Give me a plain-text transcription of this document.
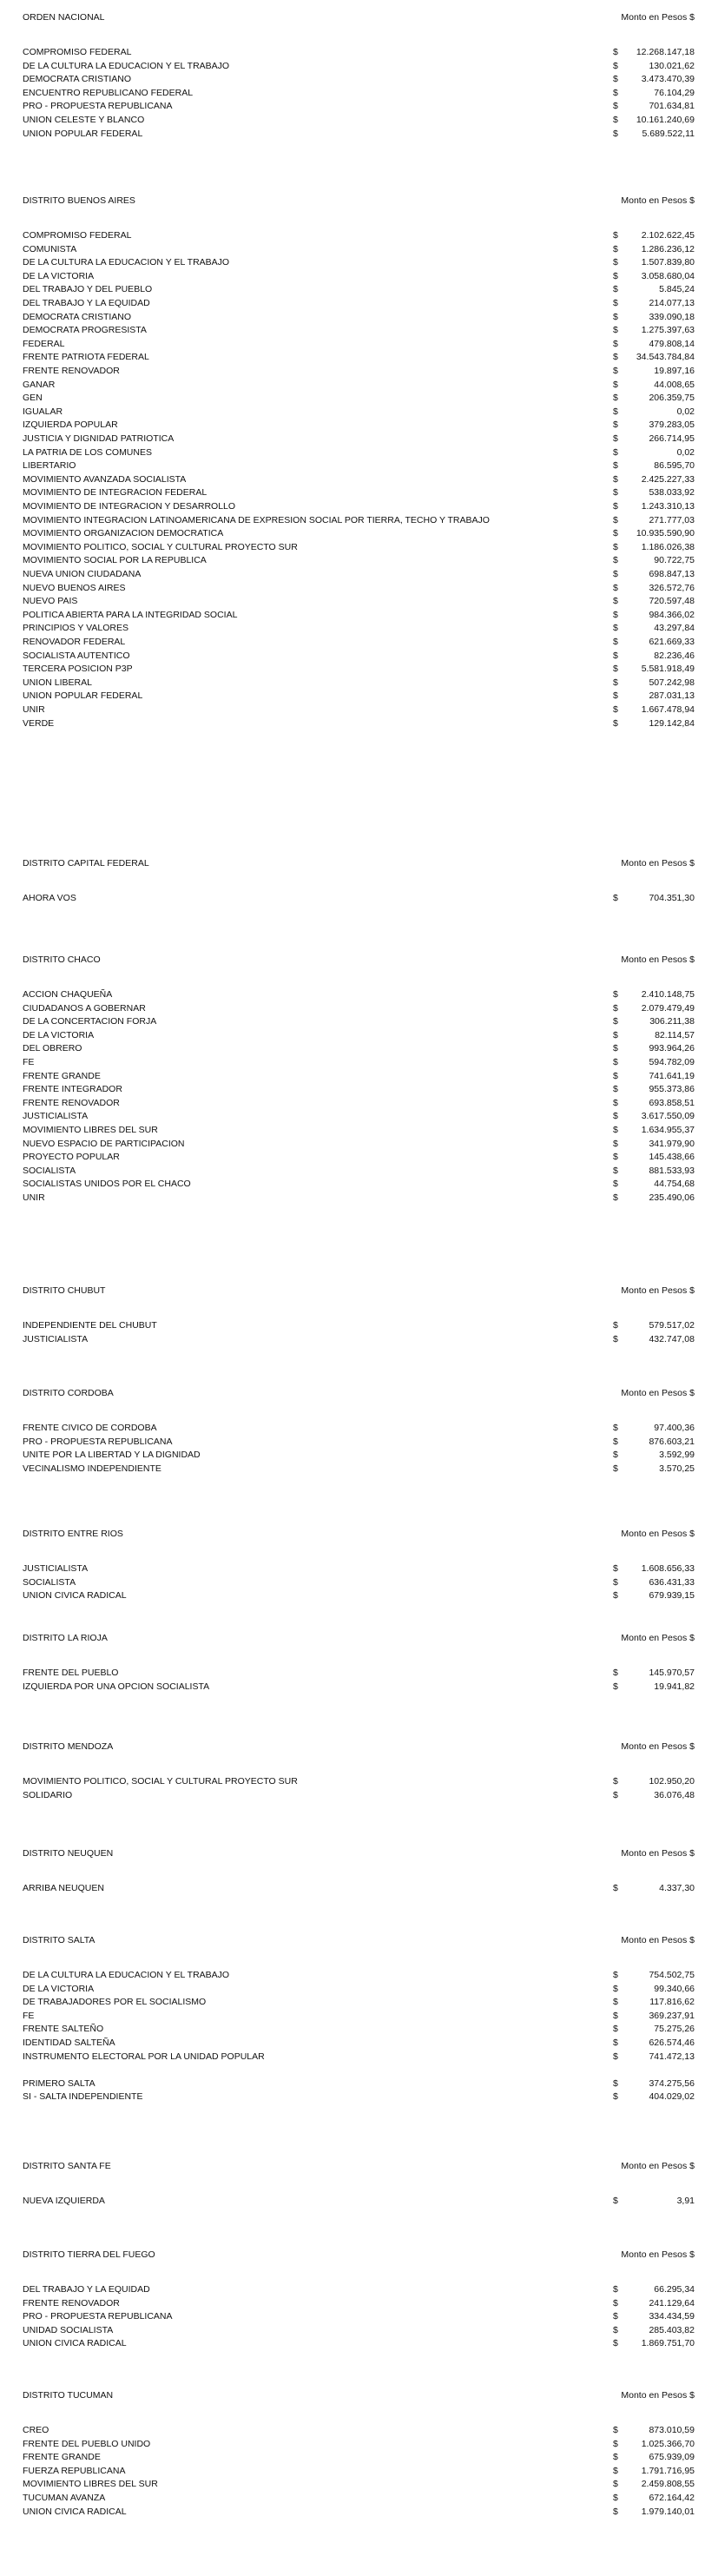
ORDEN NACIONAL	Monto en Pesos $
COMPROMISO FEDERAL	$	12.268.147,18
DE LA CULTURA LA EDUCACION Y EL TRABAJO	$	130.021,62
DEMOCRATA CRISTIANO	$	3.473.470,39
ENCUENTRO REPUBLICANO FEDERAL	$	76.104,29
PRO - PROPUESTA REPUBLICANA	$	701.634,81
UNION CELESTE Y BLANCO	$	10.161.240,69
UNION POPULAR FEDERAL	$	5.689.522,11
DISTRITO BUENOS AIRES	Monto en Pesos $
COMPROMISO FEDERAL	$	2.102.622,45
COMUNISTA	$	1.286.236,12
DE LA CULTURA LA EDUCACION Y EL TRABAJO	$	1.507.839,80
DE LA VICTORIA	$	3.058.680,04
DEL TRABAJO Y DEL PUEBLO	$	5.845,24
DEL TRABAJO Y LA EQUIDAD	$	214.077,13
DEMOCRATA CRISTIANO	$	339.090,18
DEMOCRATA PROGRESISTA	$	1.275.397,63
FEDERAL	$	479.808,14
FRENTE PATRIOTA FEDERAL	$	34.543.784,84
FRENTE RENOVADOR	$	19.897,16
GANAR	$	44.008,65
GEN	$	206.359,75
IGUALAR	$	0,02
IZQUIERDA POPULAR	$	379.283,05
JUSTICIA Y DIGNIDAD PATRIOTICA	$	266.714,95
LA PATRIA DE LOS COMUNES	$	0,02
LIBERTARIO	$	86.595,70
MOVIMIENTO AVANZADA SOCIALISTA	$	2.425.227,33
MOVIMIENTO DE INTEGRACION FEDERAL	$	538.033,92
MOVIMIENTO DE INTEGRACION Y DESARROLLO	$	1.243.310,13
MOVIMIENTO INTEGRACION LATINOAMERICANA DE EXPRESION SOCIAL POR TIERRA, TECHO Y TRABAJO	$	271.777,03
MOVIMIENTO ORGANIZACION DEMOCRATICA	$	10.935.590,90
MOVIMIENTO POLITICO, SOCIAL Y CULTURAL PROYECTO SUR	$	1.186.026,38
MOVIMIENTO SOCIAL POR LA REPUBLICA	$	90.722,75
NUEVA UNION CIUDADANA	$	698.847,13
NUEVO BUENOS AIRES	$	326.572,76
NUEVO PAIS	$	720.597,48
POLITICA ABIERTA PARA LA INTEGRIDAD SOCIAL	$	984.366,02
PRINCIPIOS Y VALORES	$	43.297,84
RENOVADOR FEDERAL	$	621.669,33
SOCIALISTA AUTENTICO	$	82.236,46
TERCERA POSICION P3P	$	5.581.918,49
UNION LIBERAL	$	507.242,98
UNION POPULAR FEDERAL	$	287.031,13
UNIR	$	1.667.478,94
VERDE	$	129.142,84
DISTRITO CAPITAL FEDERAL	Monto en Pesos $
AHORA VOS	$	704.351,30
DISTRITO CHACO	Monto en Pesos $
ACCION CHAQUEÑA	$	2.410.148,75
CIUDADANOS A GOBERNAR	$	2.079.479,49
DE LA CONCERTACION FORJA	$	306.211,38
DE LA VICTORIA	$	82.114,57
DEL OBRERO	$	993.964,26
FE	$	594.782,09
FRENTE GRANDE	$	741.641,19
FRENTE INTEGRADOR	$	955.373,86
FRENTE RENOVADOR	$	693.858,51
JUSTICIALISTA	$	3.617.550,09
MOVIMIENTO LIBRES DEL SUR	$	1.634.955,37
NUEVO ESPACIO DE PARTICIPACION	$	341.979,90
PROYECTO POPULAR	$	145.438,66
SOCIALISTA	$	881.533,93
SOCIALISTAS UNIDOS POR EL CHACO	$	44.754,68
UNIR	$	235.490,06
DISTRITO CHUBUT	Monto en Pesos $
INDEPENDIENTE DEL CHUBUT	$	579.517,02
JUSTICIALISTA	$	432.747,08
DISTRITO CORDOBA	Monto en Pesos $
FRENTE CIVICO DE CORDOBA	$	97.400,36
PRO - PROPUESTA REPUBLICANA	$	876.603,21
UNITE POR LA LIBERTAD Y LA DIGNIDAD	$	3.592,99
VECINALISMO INDEPENDIENTE	$	3.570,25
DISTRITO ENTRE RIOS	Monto en Pesos $
JUSTICIALISTA	$	1.608.656,33
SOCIALISTA	$	636.431,33
UNION CIVICA RADICAL	$	679.939,15
DISTRITO LA RIOJA	Monto en Pesos $
FRENTE DEL PUEBLO	$	145.970,57
IZQUIERDA POR UNA OPCION SOCIALISTA	$	19.941,82
DISTRITO MENDOZA	Monto en Pesos $
MOVIMIENTO POLITICO, SOCIAL Y CULTURAL PROYECTO SUR	$	102.950,20
SOLIDARIO	$	36.076,48
DISTRITO NEUQUEN	Monto en Pesos $
ARRIBA NEUQUEN	$	4.337,30
DISTRITO SALTA	Monto en Pesos $
DE LA CULTURA LA EDUCACION Y EL TRABAJO	$	754.502,75
DE LA VICTORIA	$	99.340,66
DE TRABAJADORES POR EL SOCIALISMO	$	117.816,62
FE	$	369.237,91
FRENTE SALTEÑO	$	75.275,26
IDENTIDAD SALTEÑA	$	626.574,46
INSTRUMENTO ELECTORAL POR LA UNIDAD POPULAR	$	741.472,13
PRIMERO SALTA	$	374.275,56
SI - SALTA INDEPENDIENTE	$	404.029,02
DISTRITO SANTA FE	Monto en Pesos $
NUEVA IZQUIERDA	$	3,91
DISTRITO TIERRA DEL FUEGO	Monto en Pesos $
DEL TRABAJO Y LA EQUIDAD	$	66.295,34
FRENTE RENOVADOR	$	241.129,64
PRO - PROPUESTA REPUBLICANA	$	334.434,59
UNIDAD SOCIALISTA	$	285.403,82
UNION CIVICA RADICAL	$	1.869.751,70
DISTRITO TUCUMAN	Monto en Pesos $
CREO	$	873.010,59
FRENTE DEL PUEBLO UNIDO	$	1.025.366,70
FRENTE GRANDE	$	675.939,09
FUERZA REPUBLICANA	$	1.791.716,95
MOVIMIENTO LIBRES DEL SUR	$	2.459.808,55
TUCUMAN AVANZA	$	672.164,42
UNION CIVICA RADICAL	$	1.979.140,01
